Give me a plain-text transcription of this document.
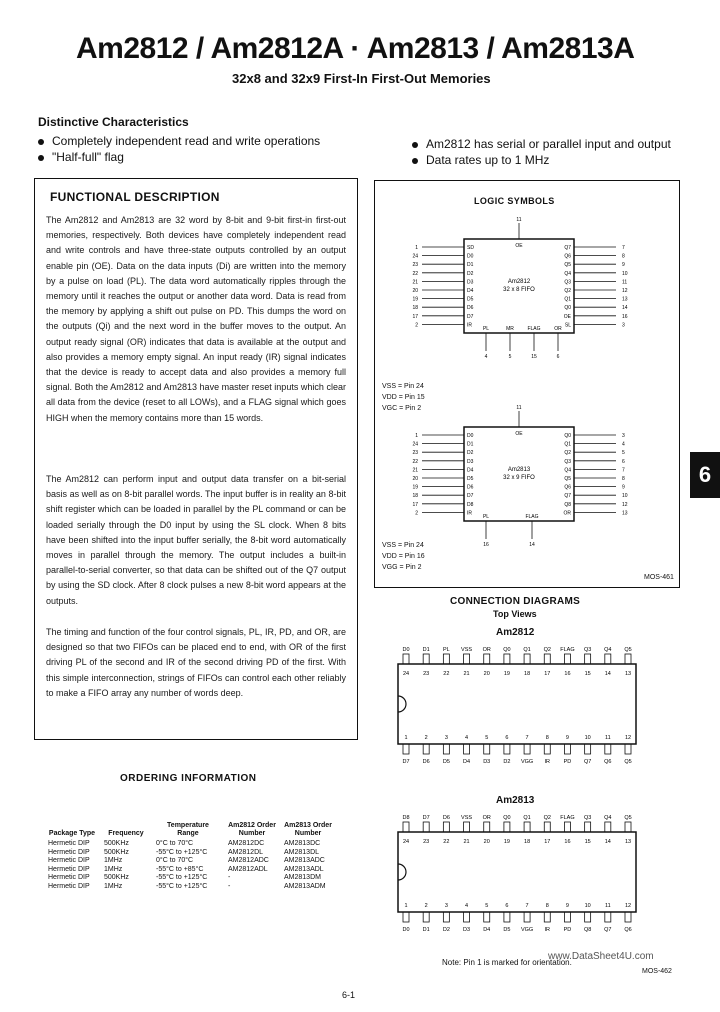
Am2812 / Am2812A · Am2813 / Am2813A
32x8 and 32x9 First-In First-Out Memories
Distinctive Characteristics
Completely independent read and write operations
"Half-full" flag
Am2812 has serial or parallel input and output
Data rates up to 1 MHz
FUNCTIONAL DESCRIPTION

The Am2812 and Am2813 are 32 word by 8-bit and 9-bit first-in first-out memories, respectively. Both devices have completely independent read and write controls and have three-state outputs controlled by an output enable pin (OE). Data on the data inputs (Di) are written into the memory by a pulse on load (PL). The data word automatically ripples through the memory until it reaches the output or another data word. Data is read from the memory by applying a shift out pulse on PD. This dumps the word on the outputs (Qi) and the next word in the buffer moves to the output. An output ready signal (OR) indicates that data is available at the output and also provides a memory empty signal. An input ready (IR) signal indicates that the device is ready to accept data and also provides a memory full signal. Both the Am2812 and Am2813 have master reset inputs which clear all data from the device (reset to all LOWs), and a FLAG signal which goes HIGH when the memory contains more than 15 words.

The Am2812 can perform input and output data transfer on a bit-serial basis as well as on 8-bit parallel words. The input buffer is in reality an 8-bit shift register which can be loaded in parallel by the PL command or can be loaded serially through the D0 input by using the SL clock. When 8 bits have been shifted into the input buffer serially, the 8-bit word automatically moves in parallel through the memory. The output includes a built-in parallel-to-serial converter, so that data can be shifted out of the Q7 output by using the SD clock. After 8 clock pulses a new 8-bit word appears at the outputs.

The timing and function of the four control signals, PL, IR, PD, and OR, are designed so that two FIFOs can be placed end to end, with OR of the first driving PL of the second and IR of the second driving PD of the first. With this simple interconnection, strings of FIFOs can control each other reliably to make a FIFO array any number of words deep.

ORDERING INFORMATION
Package Type	Frequency	Temperature Range	Am2812 Order Number	Am2813 Order Number
Hermetic DIP	500KHz	0°C to 70°C	AM2812DC	AM2813DC
Hermetic DIP	500KHz	-55°C to +125°C	AM2812DL	AM2813DL
Hermetic DIP	1MHz	0°C to 70°C	AM2812ADC	AM2813ADC
Hermetic DIP	1MHz	-55°C to +85°C	AM2812ADL	AM2813ADL
Hermetic DIP	500KHz	-55°C to +125°C	-	AM2813DM
Hermetic DIP	1MHz	-55°C to +125°C	-	AM2813ADM
LOGIC SYMBOLS
Am2812
32 x 8 FIFO
1	SD
24	D0
23	D1
22	D2
21	D3
20	D4
19	D5
18	D6
17	D7
2	IR
7
Q7
8
Q6
9
Q5
10
Q4
11
Q3
12
Q2
13
Q1
14
Q0
16
OE
3
SL
11
OE
4
PL
5
MR
15
FLAG
6
OR
Am2813
32 x 9 FIFO
1	D0
24	D1
23	D2
22	D3
21	D4
20	D5
19	D6
18	D7
17	D8
2	IR
3
Q0
4
Q1
5
Q2
6
Q3
7
Q4
8
Q5
9
Q6
10
Q7
12
Q8
13
OR
11
OE
16
PL
14
FLAG
VSS = Pin 24
VDD = Pin 15
VGC = Pin 2
VSS = Pin 24
VDD = Pin 16
VGG = Pin 2
MOS-461
6
CONNECTION DIAGRAMS
Top Views
Am2812
Am2813
D0
24
D1
23
PL
22
VSS
21
OR
20
Q0
19
Q1
18
Q2
17
FLAG
16
Q3
15
Q4
14
Q5
13
D7
1
D6
2
D5
3
D4
4
D3
5
D2
6
VGG
7
IR
8
PD
9
Q7
10
Q6
11
Q5
12
D8
24
D7
23
D6
22
VSS
21
OR
20
Q0
19
Q1
18
Q2
17
FLAG
16
Q3
15
Q4
14
Q5
13
D0
1
D1
2
D2
3
D3
4
D4
5
D5
6
VGG
7
IR
8
PD
9
Q8
10
Q7
11
Q6
12
Note: Pin 1 is marked for orientation.
MOS-462
www.DataSheet4U.com
6-1
